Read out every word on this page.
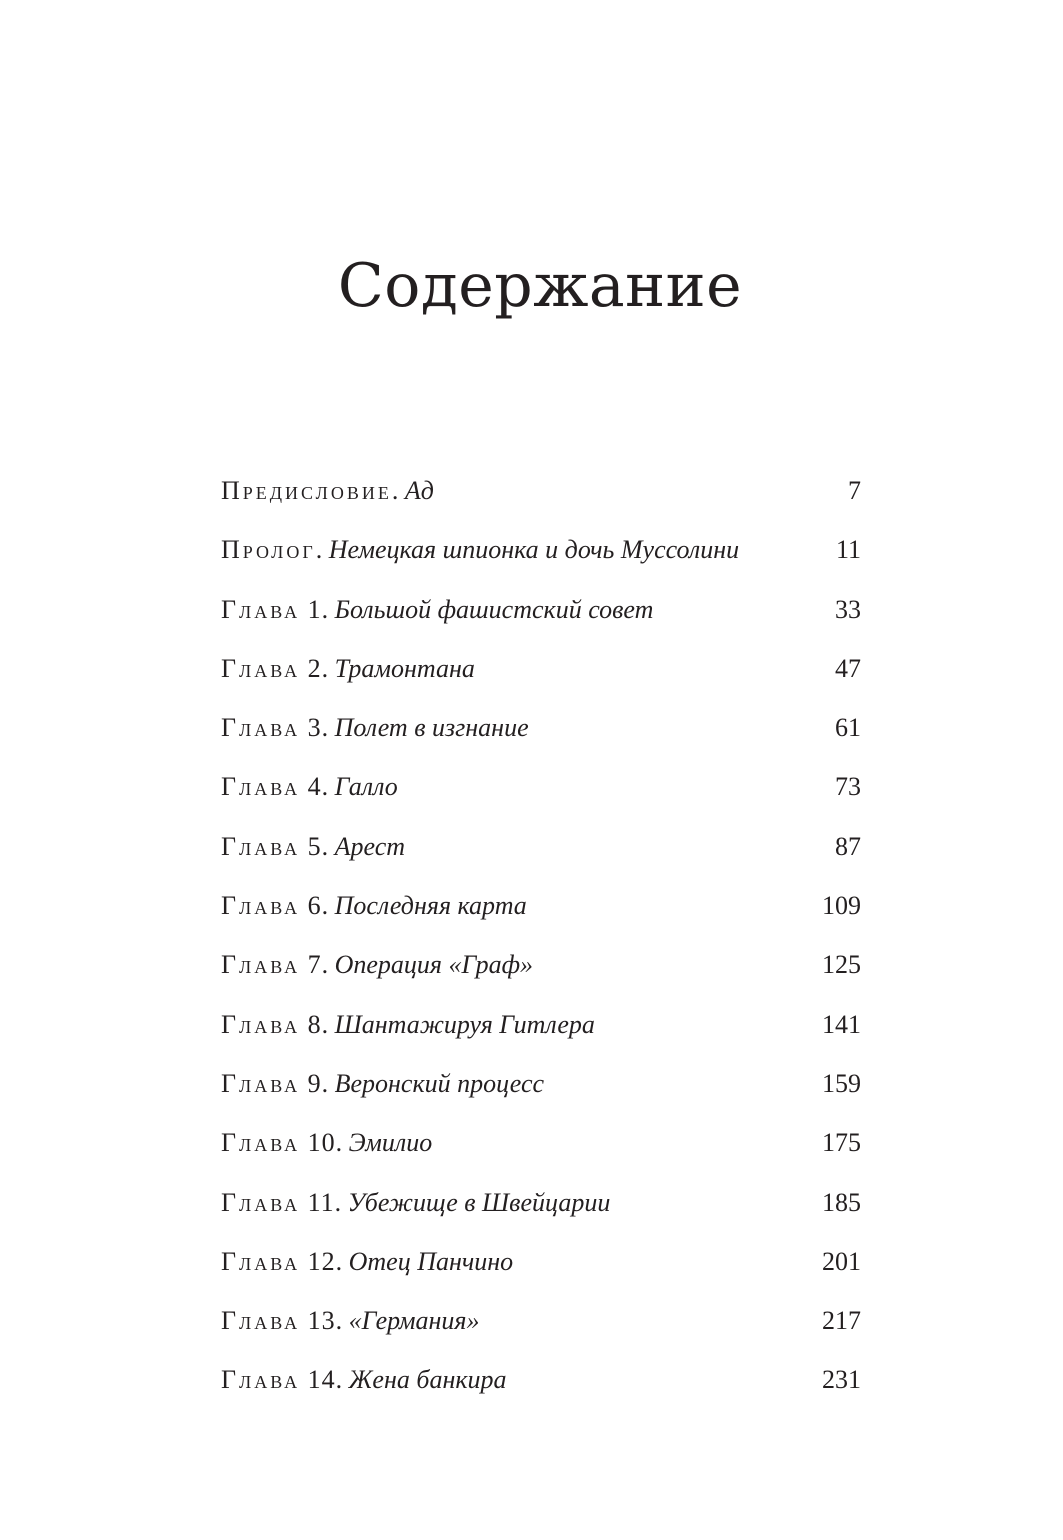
Содержание
Предисловие. Ад	7
Пролог. Немецкая шпионка и дочь Муссолини	11
Глава 1. Большой фашистский совет	33
Глава 2. Трамонтана	47
Глава 3. Полет в изгнание	61
Глава 4. Галло	73
Глава 5. Арест	87
Глава 6. Последняя карта	109
Глава 7. Операция «Граф»	125
Глава 8. Шантажируя Гитлера	141
Глава 9. Веронский процесс	159
Глава 10. Эмилио	175
Глава 11. Убежище в Швейцарии	185
Глава 12. Отец Панчино	201
Глава 13. «Германия»	217
Глава 14. Жена банкира	231
